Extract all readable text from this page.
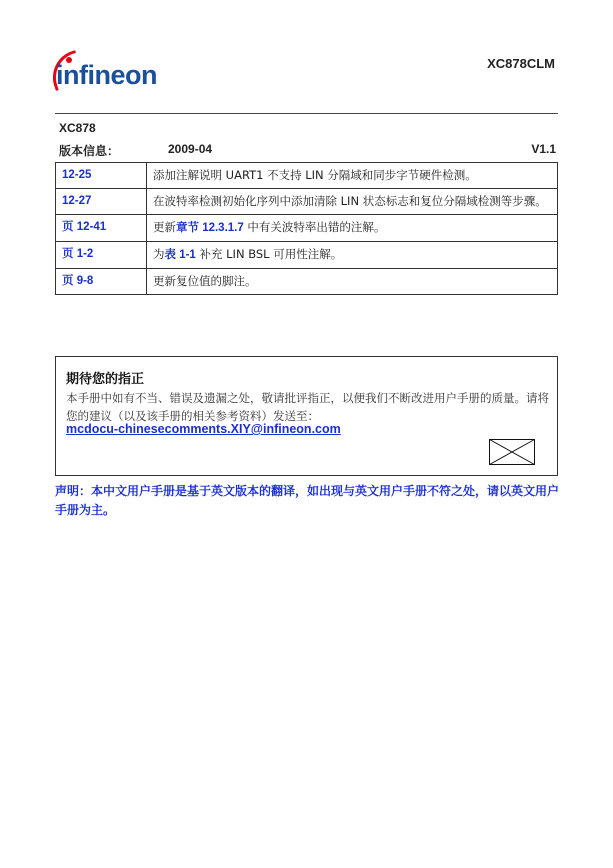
infineon	XC878CLM
XC878
版本信息：	2009-04	V1.1
12-25	添加注解说明 UART1 不支持 LIN 分隔域和同步字节硬件检测。
12-27	在波特率检测初始化序列中添加清除 LIN 状态标志和复位分隔域检测等步骤。
页 12-41	更新章节 12.3.1.7 中有关波特率出错的注解。
页 1-2	为表 1-1 补充 LIN BSL 可用性注解。
页 9-8	更新复位值的脚注。
期待您的指正
本手册中如有不当、错误及遗漏之处，敬请批评指正，以便我们不断改进用户手册的质量。请将您的建议（以及该手册的相关参考资料）发送至：
mcdocu-chinesecomments.XIY@infineon.com
声明：本中文用户手册是基于英文版本的翻译，如出现与英文用户手册不符之处，请以英文用户手册为主。
